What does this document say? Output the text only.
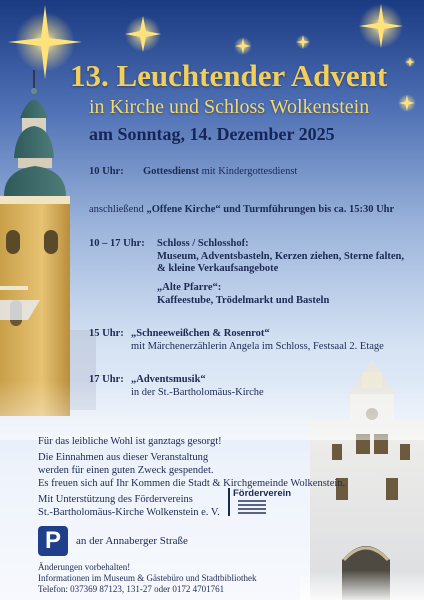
13. Leuchtender Advent
in Kirche und Schloss Wolkenstein
am Sonntag, 14. Dezember 2025
10 Uhr: Gottesdienst mit Kindergottesdienst
anschließend „Offene Kirche“ und Turmführungen bis ca. 15:30 Uhr
10 – 17 Uhr: Schloss / Schlosshof:
Museum, Adventsbasteln, Kerzen ziehen, Sterne falten,
& kleine Verkaufsangebote
„Alte Pfarre“:
Kaffeestube, Trödelmarkt und Basteln
15 Uhr: „Schneeweißchen & Rosenrot“
mit Märchenerzählerin Angela im Schloss, Festsaal 2. Etage
17 Uhr: „Adventsmusik“
in der St.-Bartholomäus-Kirche
Für das leibliche Wohl ist ganztags gesorgt!
Die Einnahmen aus dieser Veranstaltung
werden für einen guten Zweck gespendet.
Es freuen sich auf Ihr Kommen die Stadt & Kirchgemeinde Wolkenstein.
Mit Unterstützung des Fördervereins
St.-Bartholomäus-Kirche Wolkenstein e. V.
Förderverein
P	an der Annaberger Straße
Änderungen vorbehalten!
Informationen im Museum & Gästebüro und Stadtbibliothek
Telefon: 037369 87123, 131-27 oder 0172 4701761
